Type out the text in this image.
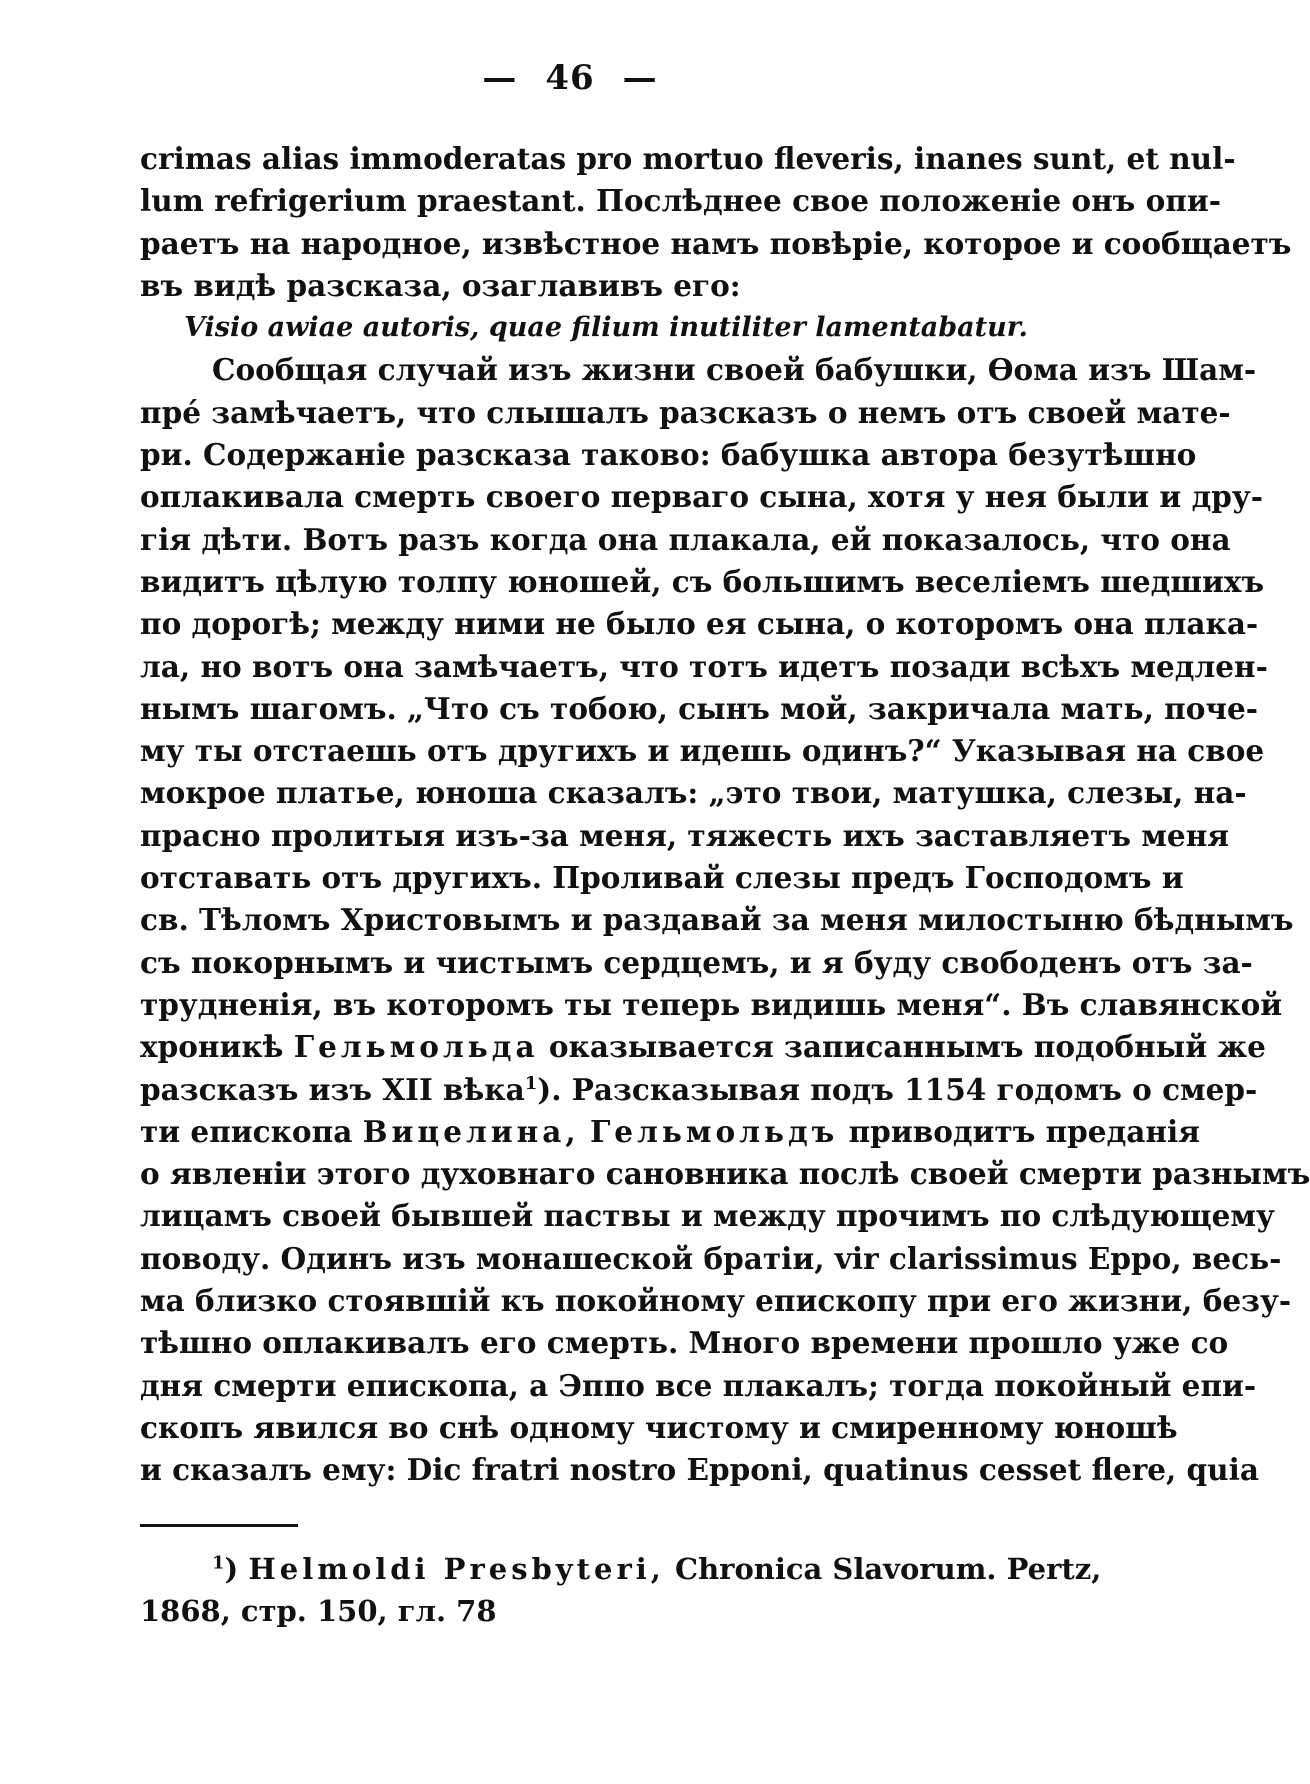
— 46 —
crimas alias immoderatas pro mortuo fleveris, inanes sunt, et nul-
lum refrigerium praestant. Послѣднее свое положеніе онъ опи-
раетъ на народное, извѣстное намъ повѣріе, которое и сообщаетъ
въ видѣ разсказа, озаглавивъ его:
Visio awiae autoris, quae filium inutiliter lamentabatur.
Сообщая случай изъ жизни своей бабушки, Ѳома изъ Шам-
прé замѣчаетъ, что слышалъ разсказъ о немъ отъ своей мате-
ри. Содержаніе разсказа таково: бабушка автора безутѣшно
оплакивала смерть своего перваго сына, хотя у нея были и дру-
гія дѣти. Вотъ разъ когда она плакала, ей показалось, что она
видитъ цѣлую толпу юношей, съ большимъ веселіемъ шедшихъ
по дорогѣ; между ними не было ея сына, о которомъ она плака-
ла, но вотъ она замѣчаетъ, что тотъ идетъ позади всѣхъ медлен-
нымъ шагомъ. „Что съ тобою, сынъ мой, закричала мать, поче-
му ты отстаешь отъ другихъ и идешь одинъ?“ Указывая на свое
мокрое платье, юноша сказалъ: „это твои, матушка, слезы, на-
прасно пролитыя изъ-за меня, тяжесть ихъ заставляетъ меня
отставать отъ другихъ. Проливай слезы предъ Господомъ и
св. Тѣломъ Христовымъ и раздавай за меня милостыню бѣднымъ
съ покорнымъ и чистымъ сердцемъ, и я буду свободенъ отъ за-
трудненія, въ которомъ ты теперь видишь меня“. Въ славянской
хроникѣ Гельмольда оказывается записаннымъ подобный же
разсказъ изъ XII вѣка$^1$). Разсказывая подъ 1154 годомъ о смер-
ти епископа Вицелина, Гельмольдъ приводитъ преданія
о явленіи этого духовнаго сановника послѣ своей смерти разнымъ
лицамъ своей бывшей паствы и между прочимъ по слѣдующему
поводу. Одинъ изъ монашеской братіи, vir clarissimus Eppo, весь-
ма близко стоявшій къ покойному епископу при его жизни, безу-
тѣшно оплакивалъ его смерть. Много времени прошло уже со
дня смерти епископа, а Эппо все плакалъ; тогда покойный епи-
скопъ явился во снѣ одному чистому и смиренному юношѣ
и сказалъ ему: Dic fratri nostro Epponi, quatinus cesset flere, quia
$^1$) Helmoldi Presbyteri, Chronica Slavorum. Pertz,
1868, стр. 150, гл. 78
